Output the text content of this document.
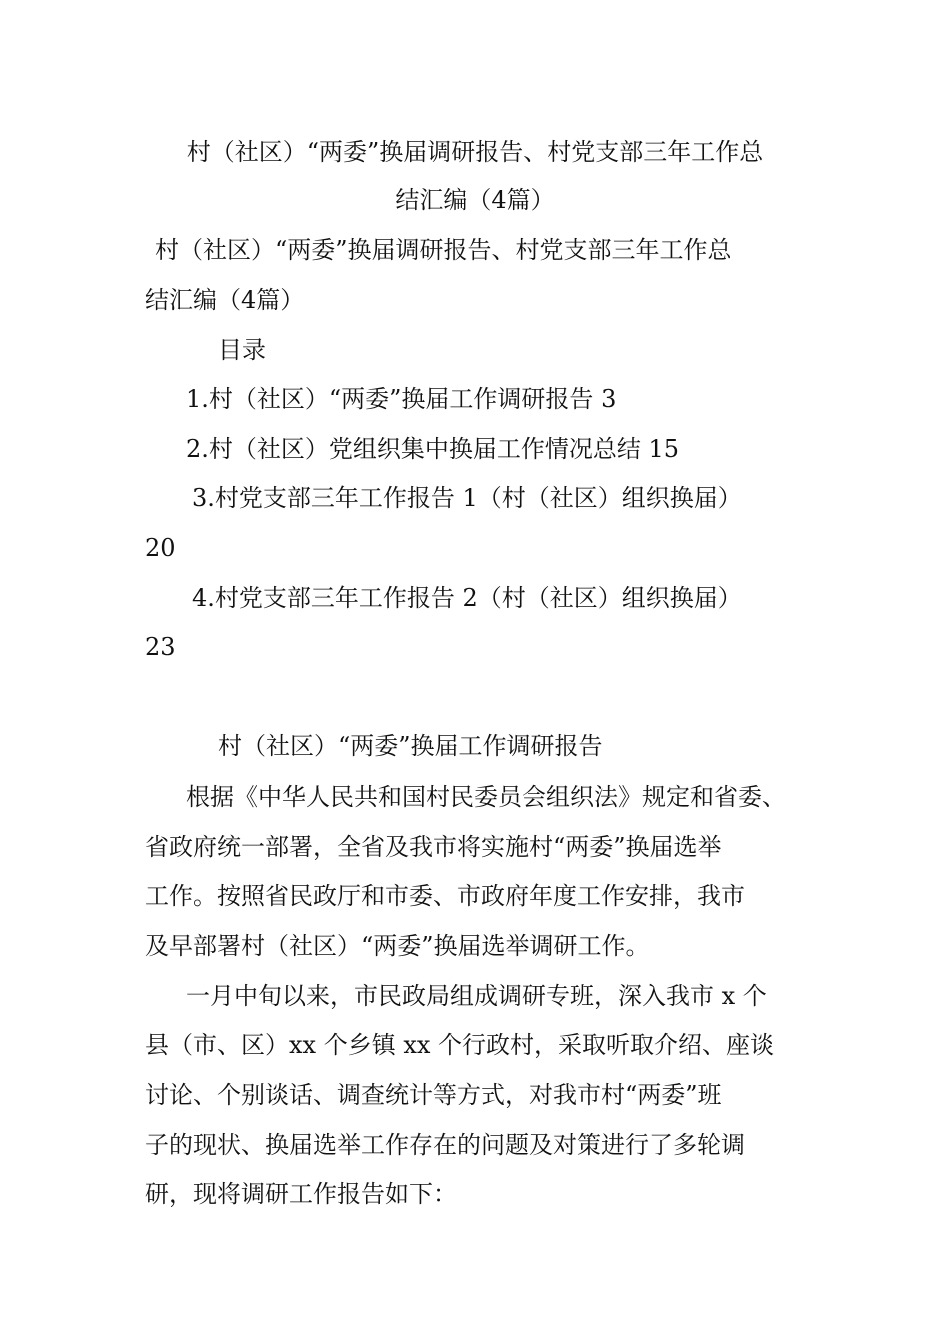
村（社区）“两委”换届调研报告、村党支部三年工作总
结汇编（4篇）
村（社区）“两委”换届调研报告、村党支部三年工作总
结汇编（4篇）
目录
1.村（社区）“两委”换届工作调研报告 3
2.村（社区）党组织集中换届工作情况总结 15
3.村党支部三年工作报告 1（村（社区）组织换届）
20
4.村党支部三年工作报告 2（村（社区）组织换届）
23
村（社区）“两委”换届工作调研报告
根据《中华人民共和国村民委员会组织法》规定和省委、
省政府统一部署，全省及我市将实施村“两委”换届选举
工作。按照省民政厅和市委、市政府年度工作安排，我市
及早部署村（社区）“两委”换届选举调研工作。
一月中旬以来，市民政局组成调研专班，深入我市 x 个
县（市、区）xx 个乡镇 xx 个行政村，采取听取介绍、座谈
讨论、个别谈话、调查统计等方式，对我市村“两委”班
子的现状、换届选举工作存在的问题及对策进行了多轮调
研，现将调研工作报告如下：
